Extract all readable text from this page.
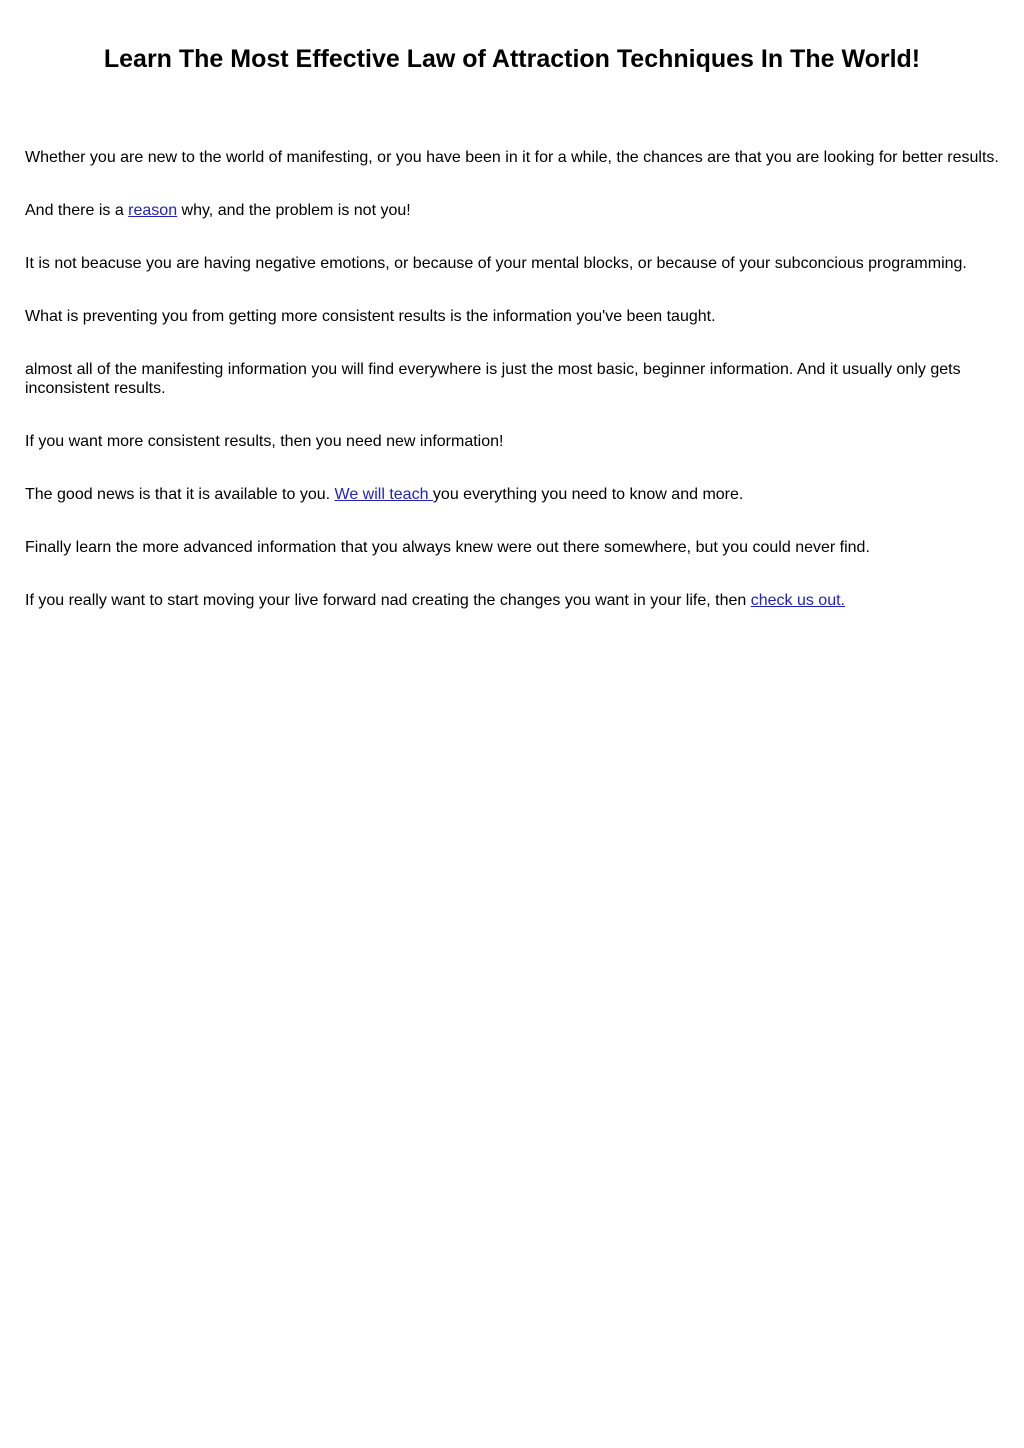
Learn The Most Effective Law of Attraction Techniques In The World!

Whether you are new to the world of manifesting, or you have been in it for a while, the chances are that you are looking for better results.

And there is a reason why, and the problem is not you!

It is not beacuse you are having negative emotions, or because of your mental blocks, or because of your subconcious programming.

What is preventing you from getting more consistent results is the information you've been taught.

almost all of the manifesting information you will find everywhere is just the most basic, beginner information. And it usually only gets inconsistent results.

If you want more consistent results, then you need new information!

The good news is that it is available to you. We will teach you everything you need to know and more.

Finally learn the more advanced information that you always knew were out there somewhere, but you could never find.

If you really want to start moving your live forward nad creating the changes you want in your life, then check us out.
